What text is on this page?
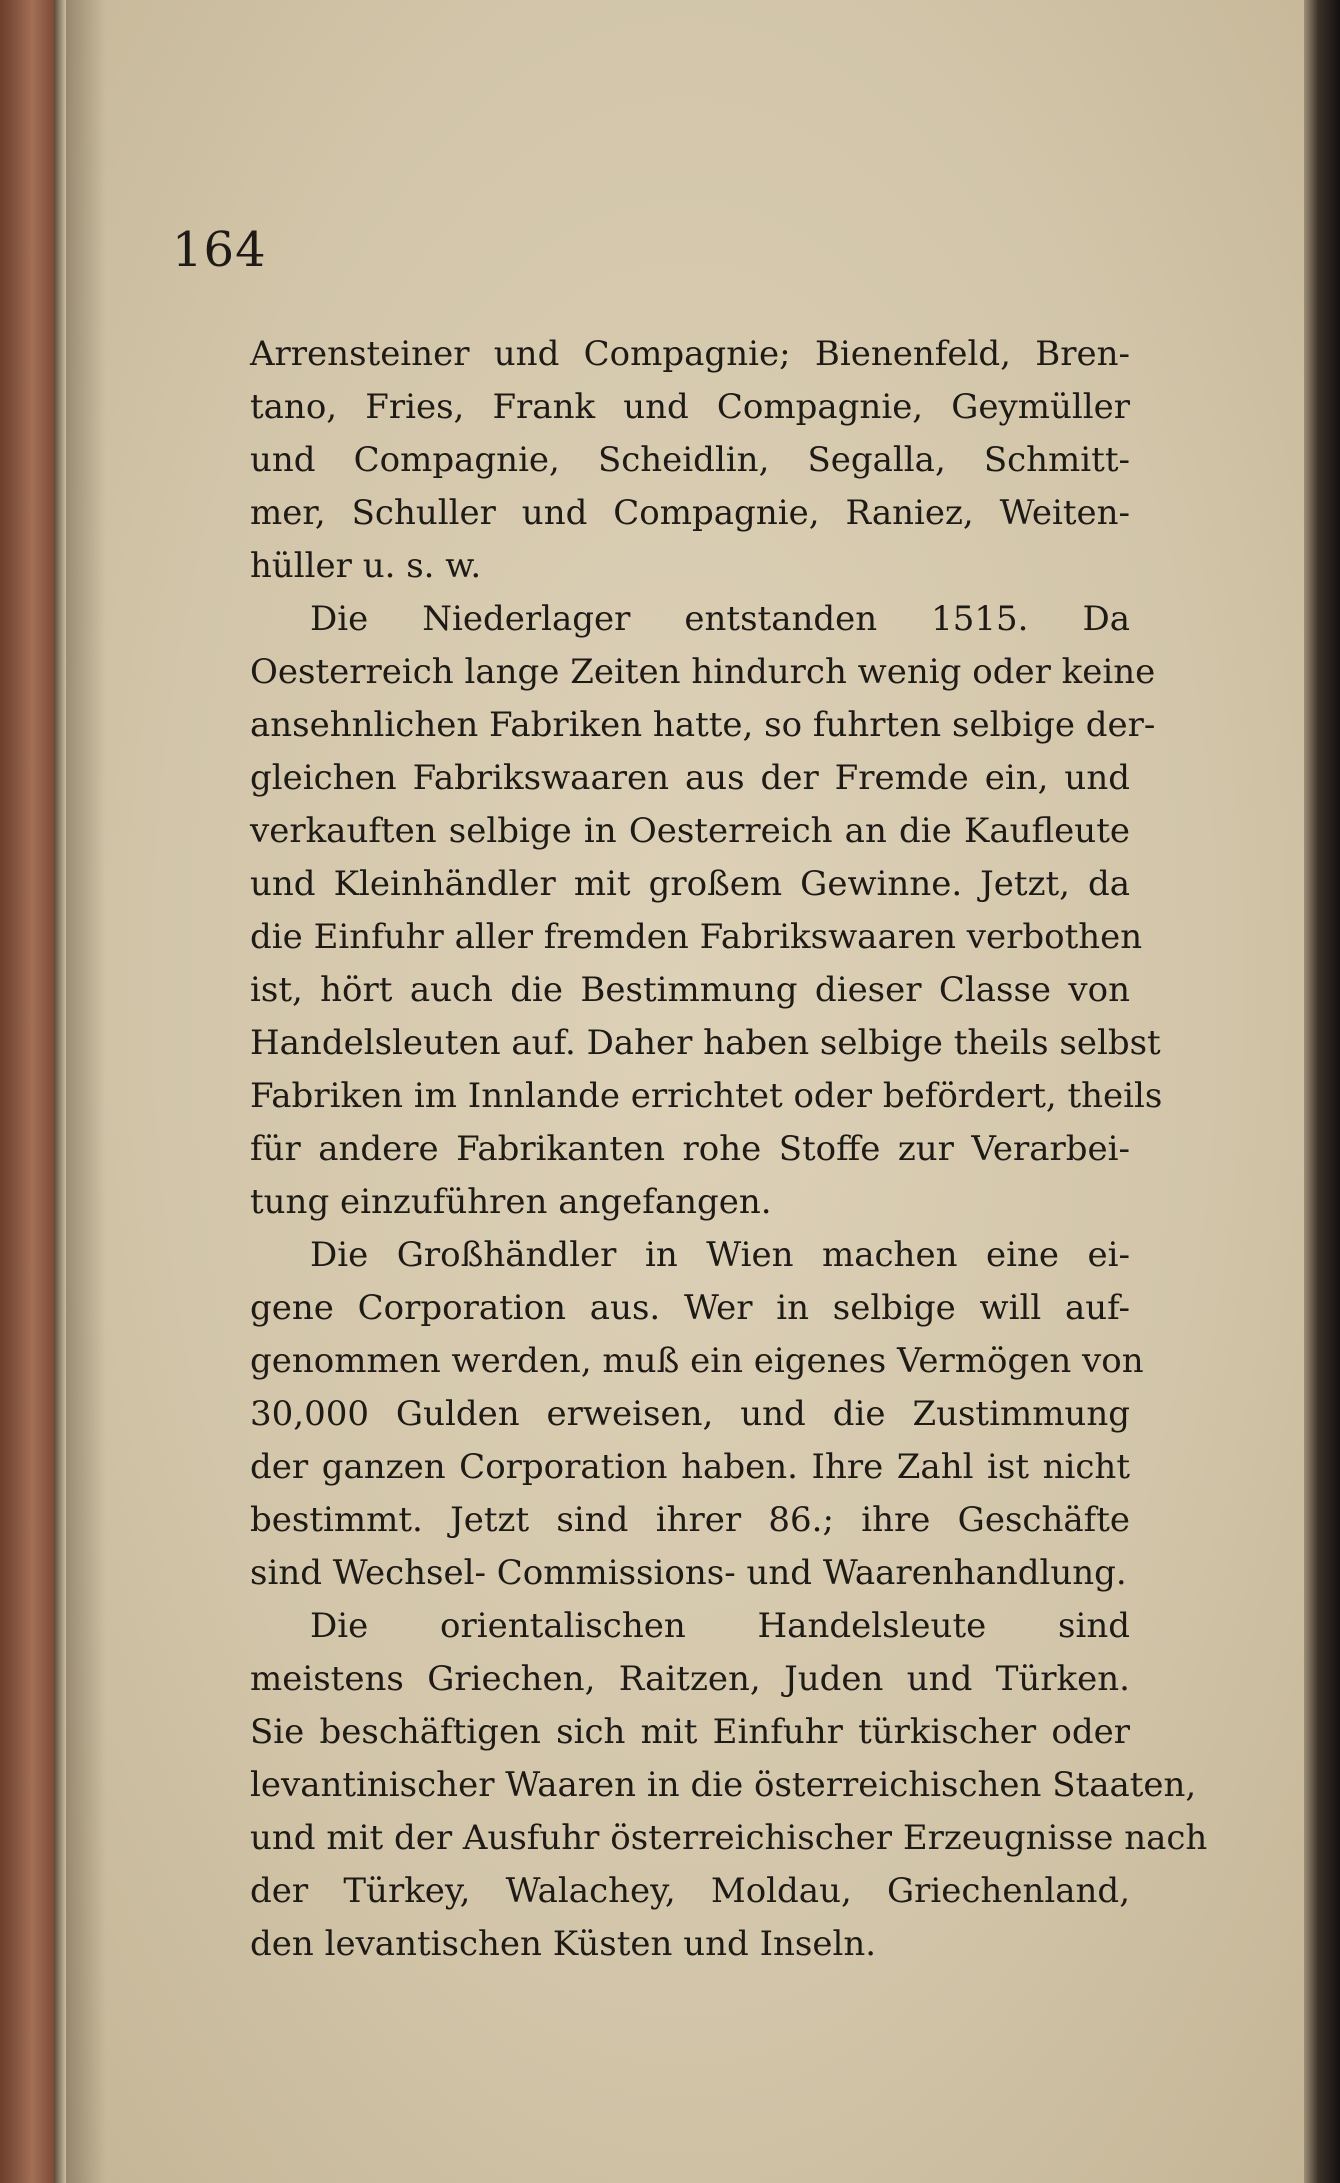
164
Arrensteiner und Compagnie; Bienenfeld, Bren-
tano, Fries, Frank und Compagnie, Geymüller
und Compagnie, Scheidlin, Segalla, Schmitt-
mer, Schuller und Compagnie, Raniez, Weiten-
hüller u. s. w.
Die Niederlager entstanden 1515. Da
Oesterreich lange Zeiten hindurch wenig oder keine
ansehnlichen Fabriken hatte, so fuhrten selbige der-
gleichen Fabrikswaaren aus der Fremde ein, und
verkauften selbige in Oesterreich an die Kaufleute
und Kleinhändler mit großem Gewinne. Jetzt, da
die Einfuhr aller fremden Fabrikswaaren verbothen
ist, hört auch die Bestimmung dieser Classe von
Handelsleuten auf. Daher haben selbige theils selbst
Fabriken im Innlande errichtet oder befördert, theils
für andere Fabrikanten rohe Stoffe zur Verarbei-
tung einzuführen angefangen.
Die Großhändler in Wien machen eine ei-
gene Corporation aus. Wer in selbige will auf-
genommen werden, muß ein eigenes Vermögen von
30,000 Gulden erweisen, und die Zustimmung
der ganzen Corporation haben. Ihre Zahl ist nicht
bestimmt. Jetzt sind ihrer 86.; ihre Geschäfte
sind Wechsel- Commissions- und Waarenhandlung.
Die orientalischen Handelsleute sind
meistens Griechen, Raitzen, Juden und Türken.
Sie beschäftigen sich mit Einfuhr türkischer oder
levantinischer Waaren in die österreichischen Staaten,
und mit der Ausfuhr österreichischer Erzeugnisse nach
der Türkey, Walachey, Moldau, Griechenland,
den levantischen Küsten und Inseln.
